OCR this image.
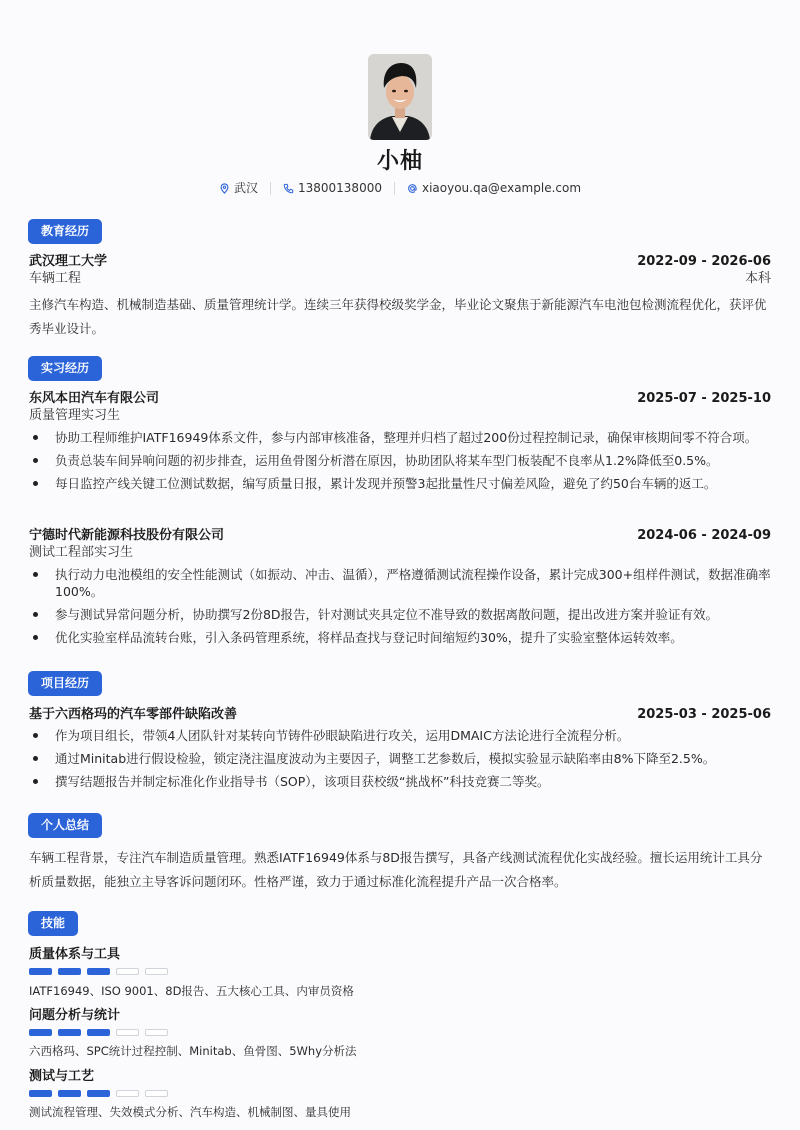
小柚
武汉	13800138000	xiaoyou.qa@example.com
教育经历
武汉理工大学	2022-09 - 2026-06
车辆工程	本科
主修汽车构造、机械制造基础、质量管理统计学。连续三年获得校级奖学金，毕业论文聚焦于新能源汽车电池包检测流程优化，获评优秀毕业设计。
实习经历
东风本田汽车有限公司	2025-07 - 2025-10
质量管理实习生
协助工程师维护IATF16949体系文件，参与内部审核准备，整理并归档了超过200份过程控制记录，确保审核期间零不符合项。
负责总装车间异响问题的初步排查，运用鱼骨图分析潜在原因，协助团队将某车型门板装配不良率从1.2%降低至0.5%。
每日监控产线关键工位测试数据，编写质量日报，累计发现并预警3起批量性尺寸偏差风险，避免了约50台车辆的返工。
宁德时代新能源科技股份有限公司	2024-06 - 2024-09
测试工程部实习生
执行动力电池模组的安全性能测试（如振动、冲击、温循），严格遵循测试流程操作设备，累计完成300+组样件测试，数据准确率100%。
参与测试异常问题分析，协助撰写2份8D报告，针对测试夹具定位不准导致的数据离散问题，提出改进方案并验证有效。
优化实验室样品流转台账，引入条码管理系统，将样品查找与登记时间缩短约30%，提升了实验室整体运转效率。
项目经历
基于六西格玛的汽车零部件缺陷改善	2025-03 - 2025-06
作为项目组长，带领4人团队针对某转向节铸件砂眼缺陷进行攻关，运用DMAIC方法论进行全流程分析。
通过Minitab进行假设检验，锁定浇注温度波动为主要因子，调整工艺参数后，模拟实验显示缺陷率由8%下降至2.5%。
撰写结题报告并制定标准化作业指导书（SOP），该项目获校级“挑战杯”科技竞赛二等奖。
个人总结
车辆工程背景，专注汽车制造质量管理。熟悉IATF16949体系与8D报告撰写，具备产线测试流程优化实战经验。擅长运用统计工具分析质量数据，能独立主导客诉问题闭环。性格严谨，致力于通过标准化流程提升产品一次合格率。
技能
质量体系与工具
IATF16949、ISO 9001、8D报告、五大核心工具、内审员资格
问题分析与统计
六西格玛、SPC统计过程控制、Minitab、鱼骨图、5Why分析法
测试与工艺
测试流程管理、失效模式分析、汽车构造、机械制图、量具使用
